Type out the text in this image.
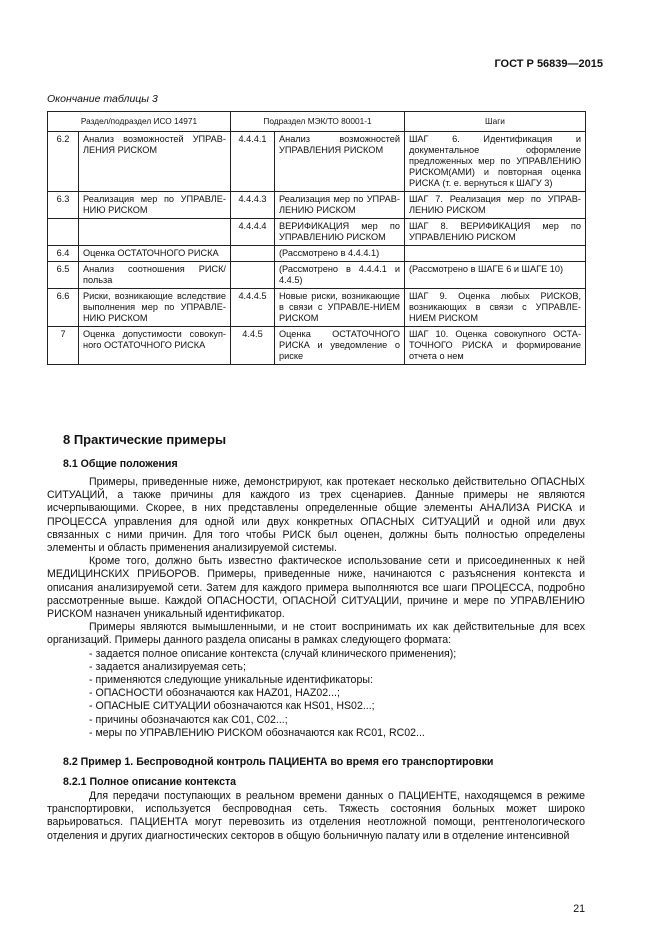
ГОСТ Р 56839—2015
Окончание таблицы 3
Раздел/подраздел ИСО 14971		Подраздел МЭК/ТО 80001-1		Шаги
6.2	Анализ возможностей УПРАВ-ЛЕНИЯ РИСКОМ	4.4.4.1	Анализ возможностей УПРАВЛЕНИЯ РИСКОМ	ШАГ 6. Идентификация и документальное оформление предложенных мер по УПРАВЛЕНИЮ РИСКОМ(АМИ) и повторная оценка РИСКА (т. е. вернуться к ШАГУ 3)
6.3	Реализация мер по УПРАВЛЕ-НИЮ РИСКОМ	4.4.4.3	Реализация мер по УПРАВ-ЛЕНИЮ РИСКОМ	ШАГ 7. Реализация мер по УПРАВ-ЛЕНИЮ РИСКОМ
		4.4.4.4	ВЕРИФИКАЦИЯ мер по УПРАВЛЕНИЮ РИСКОМ	ШАГ 8. ВЕРИФИКАЦИЯ мер по УПРАВЛЕНИЮ РИСКОМ
6.4	Оценка ОСТАТОЧНОГО РИСКА		(Рассмотрено в 4.4.4.1)	
6.5	Анализ соотношения РИСК/ польза		(Рассмотрено в 4.4.4.1 и 4.4.5)	(Рассмотрено в ШАГЕ 6 и ШАГЕ 10)
6.6	Риски, возникающие вследствие выполнения мер по УПРАВЛЕ-НИЮ РИСКОМ	4.4.4.5	Новые риски, возникающие в связи с УПРАВЛЕ-НИЕМ РИСКОМ	ШАГ 9. Оценка любых РИСКОВ, возникающих в связи с УПРАВЛЕ-НИЕМ РИСКОМ
7	Оценка допустимости совокуп-ного ОСТАТОЧНОГО РИСКА	4.4.5	Оценка ОСТАТОЧНОГО РИСКА и уведомление о риске	ШАГ 10. Оценка совокупного ОСТА-ТОЧНОГО РИСКА и формирование отчета о нем
8 Практические примеры
8.1 Общие положения

Примеры, приведенные ниже, демонстрируют, как протекает несколько действительно ОПАСНЫХ СИТУАЦИЙ, а также причины для каждого из трех сценариев. Данные примеры не являются исчерпывающими. Скорее, в них представлены определенные общие элементы АНАЛИЗА РИСКА и ПРОЦЕССА управления для одной или двух конкретных ОПАСНЫХ СИТУАЦИЙ и одной или двух связанных с ними причин. Для того чтобы РИСК был оценен, должны быть полностью определены элементы и область применения анализируемой системы.

Кроме того, должно быть известно фактическое использование сети и присоединенных к ней МЕДИЦИНСКИХ ПРИБОРОВ. Примеры, приведенные ниже, начинаются с разъяснения контекста и описания анализируемой сети. Затем для каждого примера выполняются все шаги ПРОЦЕССА, подробно рассмотренные выше. Каждой ОПАСНОСТИ, ОПАСНОЙ СИТУАЦИИ, причине и мере по УПРАВЛЕНИЮ РИСКОМ назначен уникальный идентификатор.

Примеры являются вымышленными, и не стоит воспринимать их как действительные для всех организаций. Примеры данного раздела описаны в рамках следующего формата:

- задается полное описание контекста (случай клинического применения);
- задается анализируемая сеть;
- применяются следующие уникальные идентификаторы:
- ОПАСНОСТИ обозначаются как HAZ01, HAZ02...;
- ОПАСНЫЕ СИТУАЦИИ обозначаются как HS01, HS02...;
- причины обозначаются как С01, С02...;
- меры по УПРАВЛЕНИЮ РИСКОМ обозначаются как RC01, RC02...
8.2 Пример 1. Беспроводной контроль ПАЦИЕНТА во время его транспортировки
8.2.1 Полное описание контекста

Для передачи поступающих в реальном времени данных о ПАЦИЕНТЕ, находящемся в режиме транспортировки, используется беспроводная сеть. Тяжесть состояния больных может широко варьироваться. ПАЦИЕНТА могут перевозить из отделения неотложной помощи, рентгенологического отделения и других диагностических секторов в общую больничную палату или в отделение интенсивной

21
